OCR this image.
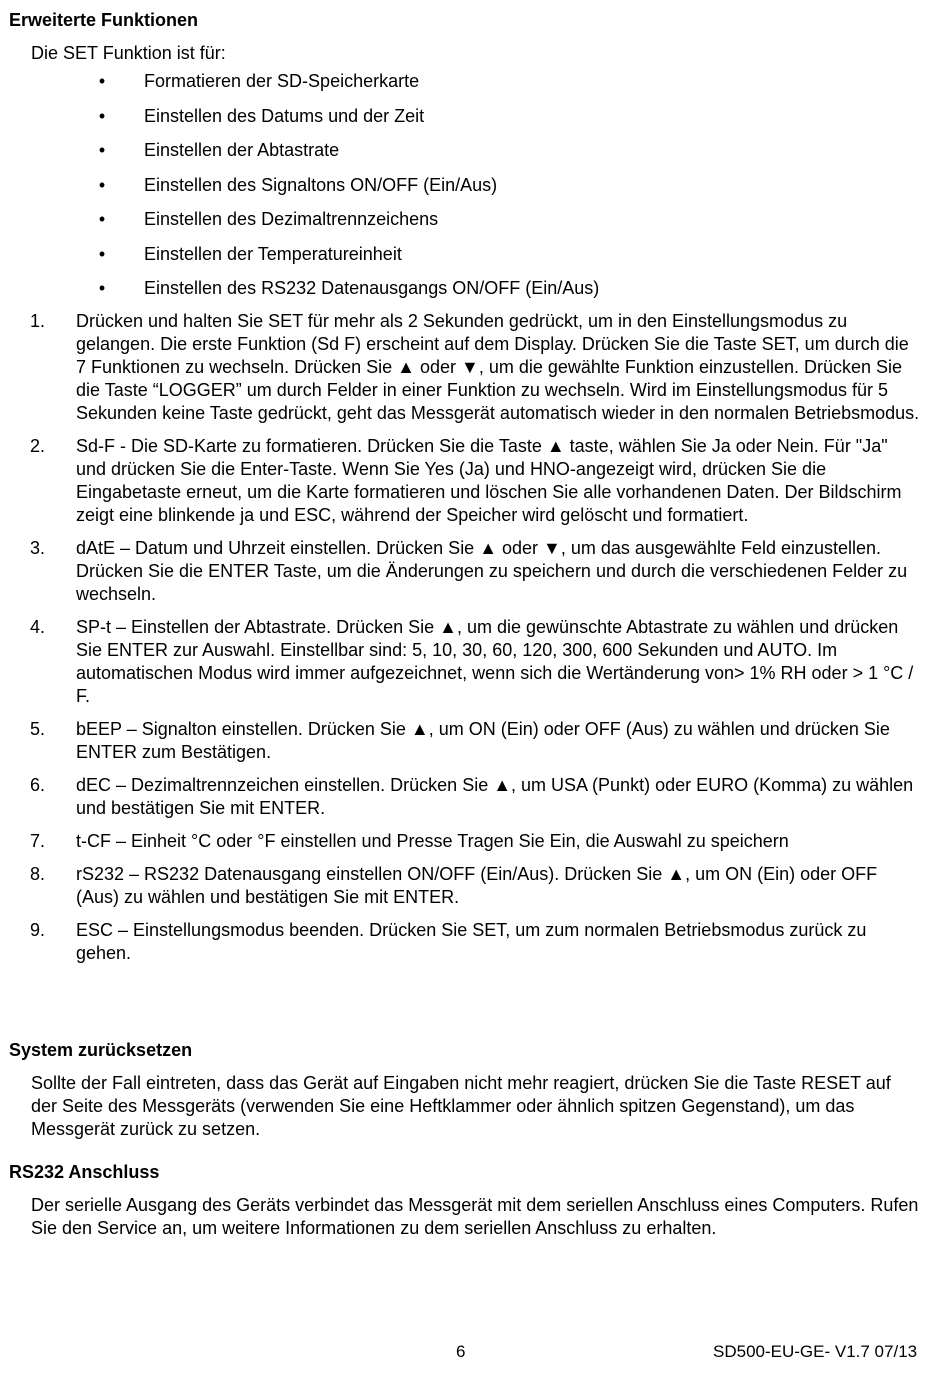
Erweiterte Funktionen
Die SET Funktion ist für:
• Formatieren der SD-Speicherkarte
• Einstellen des Datums und der Zeit
• Einstellen der Abtastrate
• Einstellen des Signaltons ON/OFF (Ein/Aus)
• Einstellen des Dezimaltrennzeichens
• Einstellen der Temperatureinheit
• Einstellen des RS232 Datenausgangs ON/OFF (Ein/Aus)
1.	Drücken und halten Sie SET für mehr als 2 Sekunden gedrückt, um in den Einstellungsmodus zu gelangen. Die erste Funktion (Sd F) erscheint auf dem Display. Drücken Sie die Taste SET, um durch die 7 Funktionen zu wechseln. Drücken Sie ▲ oder ▼, um die gewählte Funktion einzustellen. Drücken Sie die Taste “LOGGER” um durch Felder in einer Funktion zu wechseln. Wird im Einstellungsmodus für 5 Sekunden keine Taste gedrückt, geht das Messgerät automatisch wieder in den normalen Betriebsmodus.
2.	Sd-F - Die SD-Karte zu formatieren. Drücken Sie die Taste ▲ taste, wählen Sie Ja oder Nein. Für "Ja" und drücken Sie die Enter-Taste. Wenn Sie Yes (Ja) und HNO-angezeigt wird, drücken Sie die Eingabetaste erneut, um die Karte formatieren und löschen Sie alle vorhandenen Daten. Der Bildschirm zeigt eine blinkende ja und ESC, während der Speicher wird gelöscht und formatiert.
3.	dAtE – Datum und Uhrzeit einstellen. Drücken Sie ▲ oder ▼, um das ausgewählte Feld einzustellen. Drücken Sie die ENTER Taste, um die Änderungen zu speichern und durch die verschiedenen Felder zu wechseln.
4.	SP-t – Einstellen der Abtastrate. Drücken Sie ▲, um die gewünschte Abtastrate zu wählen und drücken Sie ENTER zur Auswahl. Einstellbar sind: 5, 10, 30, 60, 120, 300, 600 Sekunden und AUTO. Im automatischen Modus wird immer aufgezeichnet, wenn sich die Wertänderung von> 1% RH oder > 1 °C / F.
5.	bEEP – Signalton einstellen. Drücken Sie ▲, um ON (Ein) oder OFF (Aus) zu wählen und drücken Sie ENTER zum Bestätigen.
6.	dEC – Dezimaltrennzeichen einstellen. Drücken Sie ▲, um USA (Punkt) oder EURO (Komma) zu wählen und bestätigen Sie mit ENTER.
7.	t-CF – Einheit °C oder °F einstellen und Presse Tragen Sie Ein, die Auswahl zu speichern
8.	rS232 – RS232 Datenausgang einstellen ON/OFF (Ein/Aus). Drücken Sie ▲, um ON (Ein) oder OFF (Aus) zu wählen und bestätigen Sie mit ENTER.
9.	ESC – Einstellungsmodus beenden. Drücken Sie SET, um zum normalen Betriebsmodus zurück zu gehen.
System zurücksetzen
Sollte der Fall eintreten, dass das Gerät auf Eingaben nicht mehr reagiert, drücken Sie die Taste RESET auf der Seite des Messgeräts (verwenden Sie eine Heftklammer oder ähnlich spitzen Gegenstand), um das Messgerät zurück zu setzen.
RS232 Anschluss
Der serielle Ausgang des Geräts verbindet das Messgerät mit dem seriellen Anschluss eines Computers. Rufen Sie den Service an, um weitere Informationen zu dem seriellen Anschluss zu erhalten.
6	SD500-EU-GE- V1.7 07/13
